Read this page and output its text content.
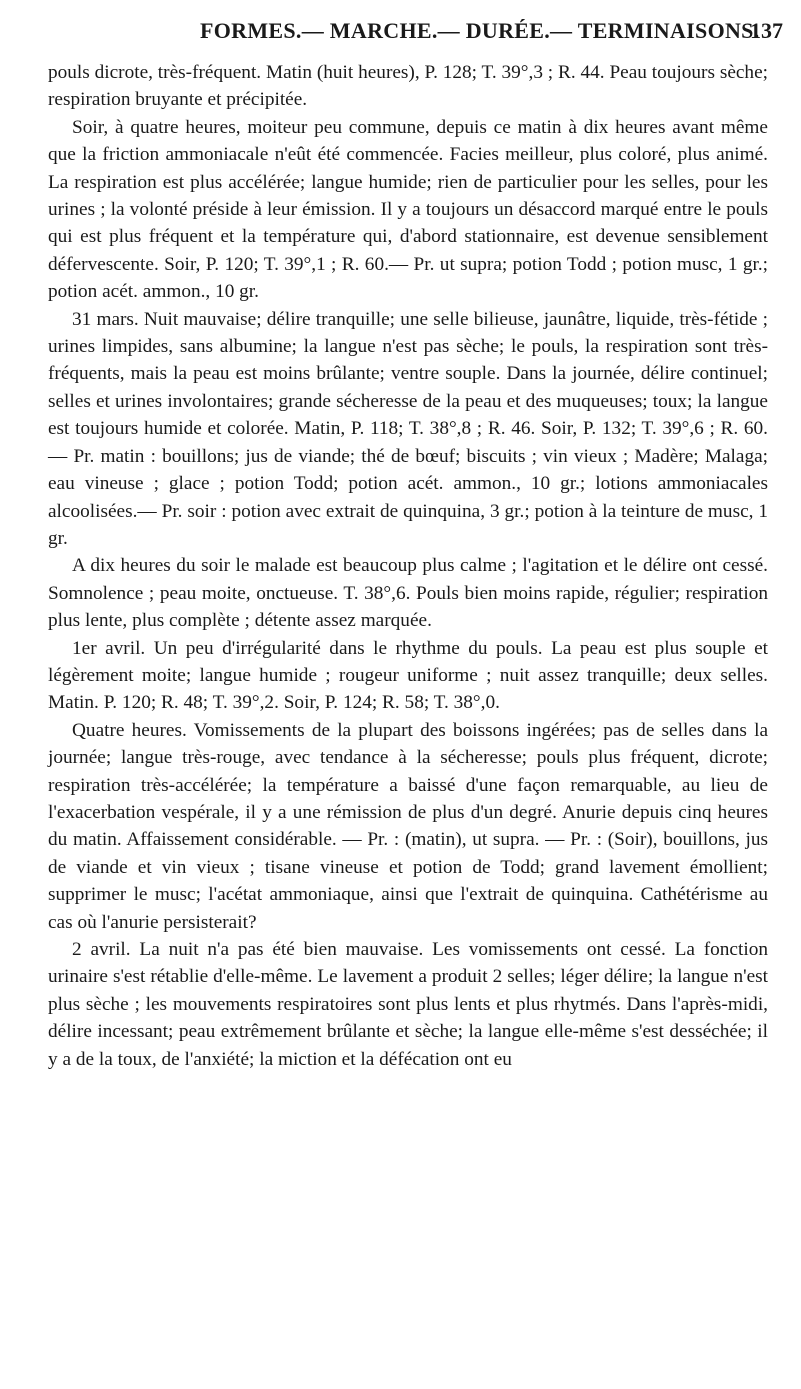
FORMES.— MARCHE.— DURÉE.— TERMINAISONS.
137

pouls dicrote, très-fréquent. Matin (huit heures), P. 128; T. 39°,3 ; R. 44. Peau toujours sèche; respiration bruyante et précipitée.

Soir, à quatre heures, moiteur peu commune, depuis ce matin à dix heures avant même que la friction ammoniacale n'eût été commencée. Facies meilleur, plus coloré, plus animé. La respiration est plus accélérée; langue humide; rien de particulier pour les selles, pour les urines ; la volonté préside à leur émission. Il y a toujours un désaccord marqué entre le pouls qui est plus fréquent et la température qui, d'abord stationnaire, est devenue sensiblement défervescente. Soir, P. 120; T. 39°,1 ; R. 60.— Pr. ut supra; potion Todd ; potion musc, 1 gr.; potion acét. ammon., 10 gr.

31 mars. Nuit mauvaise; délire tranquille; une selle bilieuse, jaunâtre, liquide, très-fétide ; urines limpides, sans albumine; la langue n'est pas sèche; le pouls, la respiration sont très-fréquents, mais la peau est moins brûlante; ventre souple. Dans la journée, délire continuel; selles et urines involontaires; grande sécheresse de la peau et des muqueuses; toux; la langue est toujours humide et colorée. Matin, P. 118; T. 38°,8 ; R. 46. Soir, P. 132; T. 39°,6 ; R. 60. — Pr. matin : bouillons; jus de viande; thé de bœuf; biscuits ; vin vieux ; Madère; Malaga; eau vineuse ; glace ; potion Todd; potion acét. ammon., 10 gr.; lotions ammoniacales alcoolisées.— Pr. soir : potion avec extrait de quinquina, 3 gr.; potion à la teinture de musc, 1 gr.

A dix heures du soir le malade est beaucoup plus calme ; l'agitation et le délire ont cessé. Somnolence ; peau moite, onctueuse. T. 38°,6. Pouls bien moins rapide, régulier; respiration plus lente, plus complète ; détente assez marquée.

1er avril. Un peu d'irrégularité dans le rhythme du pouls. La peau est plus souple et légèrement moite; langue humide ; rougeur uniforme ; nuit assez tranquille; deux selles. Matin. P. 120; R. 48; T. 39°,2. Soir, P. 124; R. 58; T. 38°,0.

Quatre heures. Vomissements de la plupart des boissons ingérées; pas de selles dans la journée; langue très-rouge, avec tendance à la sécheresse; pouls plus fréquent, dicrote; respiration très-accélérée; la température a baissé d'une façon remarquable, au lieu de l'exacerbation vespérale, il y a une rémission de plus d'un degré. Anurie depuis cinq heures du matin. Affaissement considérable. — Pr. : (matin), ut supra. — Pr. : (Soir), bouillons, jus de viande et vin vieux ; tisane vineuse et potion de Todd; grand lavement émollient; supprimer le musc; l'acétat ammoniaque, ainsi que l'extrait de quinquina. Cathétérisme au cas où l'anurie persisterait?

2 avril. La nuit n'a pas été bien mauvaise. Les vomissements ont cessé. La fonction urinaire s'est rétablie d'elle-même. Le lavement a produit 2 selles; léger délire; la langue n'est plus sèche ; les mouvements respiratoires sont plus lents et plus rhytmés. Dans l'après-midi, délire incessant; peau extrêmement brûlante et sèche; la langue elle-même s'est desséchée; il y a de la toux, de l'anxiété; la miction et la défécation ont eu
